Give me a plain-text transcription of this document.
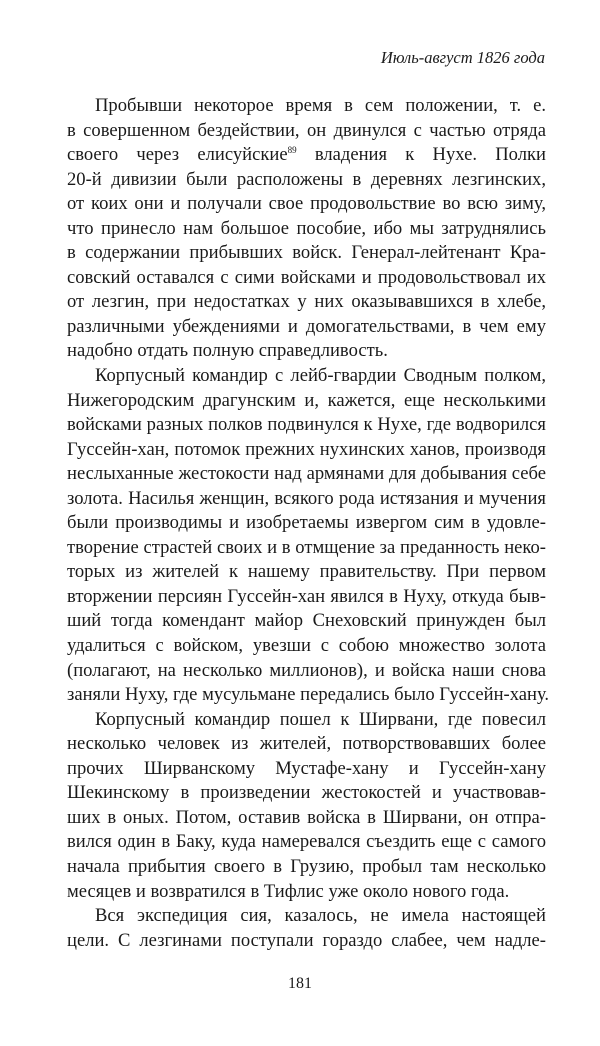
Июль-август 1826 года
Пробывши некоторое время в сем положении, т. е.
в совершенном бездействии, он двинулся с частью отряда
своего через елисуйские$^{89}$ владения к Нухе. Полки
20-й дивизии были расположены в деревнях лезгинских,
от коих они и получали свое продовольствие во всю зиму,
что принесло нам большое пособие, ибо мы затруднялись
в содержании прибывших войск. Генерал-лейтенант Кра-
совский оставался с сими войсками и продовольствовал их
от лезгин, при недостатках у них оказывавшихся в хлебе,
различными убеждениями и домогательствами, в чем ему
надобно отдать полную справедливость.
Корпусный командир с лейб-гвардии Сводным полком,
Нижегородским драгунским и, кажется, еще несколькими
войсками разных полков подвинулся к Нухе, где водворился
Гуссейн-хан, потомок прежних нухинских ханов, производя
неслыханные жестокости над армянами для добывания себе
золота. Насилья женщин, всякого рода истязания и мучения
были производимы и изобретаемы извергом сим в удовле-
творение страстей своих и в отмщение за преданность неко-
торых из жителей к нашему правительству. При первом
вторжении персиян Гуссейн-хан явился в Нуху, откуда быв-
ший тогда комендант майор Снеховский принужден был
удалиться с войском, увезши с собою множество золота
(полагают, на несколько миллионов), и войска наши снова
заняли Нуху, где мусульмане передались было Гуссейн-хану.
Корпусный командир пошел к Ширвани, где повесил
несколько человек из жителей, потворствовавших более
прочих Ширванскому Мустафе-хану и Гуссейн-хану
Шекинскому в произведении жестокостей и участвовав-
ших в оных. Потом, оставив войска в Ширвани, он отпра-
вился один в Баку, куда намеревался съездить еще с самого
начала прибытия своего в Грузию, пробыл там несколько
месяцев и возвратился в Тифлис уже около нового года.
Вся экспедиция сия, казалось, не имела настоящей
цели. С лезгинами поступали гораздо слабее, чем надле-
181
